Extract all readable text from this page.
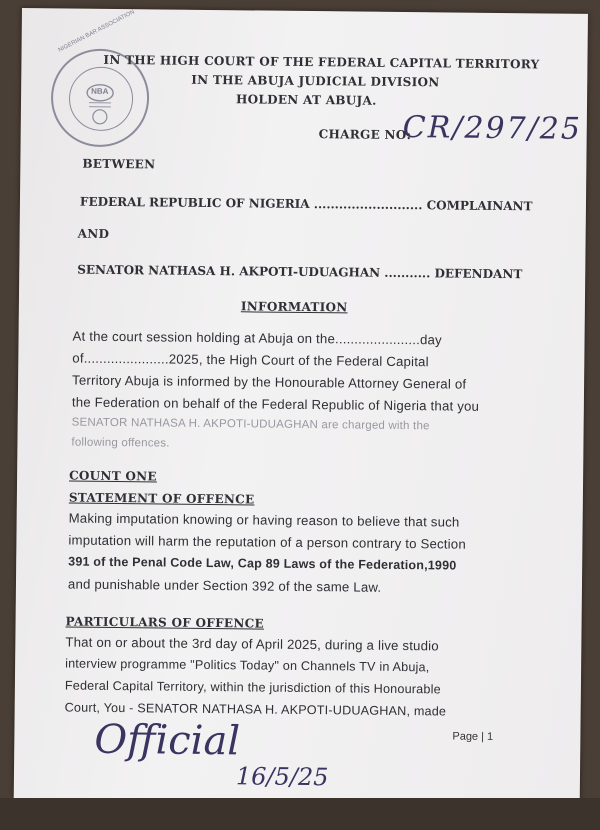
NBA
NIGERIAN BAR ASSOCIATION
IN THE HIGH COURT OF THE FEDERAL CAPITAL TERRITORY
IN THE ABUJA JUDICIAL DIVISION
HOLDEN AT ABUJA.
CHARGE NO:
CR/297/25
BETWEEN
FEDERAL REPUBLIC OF NIGERIA .......................... COMPLAINANT
AND
SENATOR NATHASA H. AKPOTI-UDUAGHAN ........... DEFENDANT
INFORMATION
At the court session holding at Abuja on the......................day
of......................2025, the High Court of the Federal Capital
Territory Abuja is informed by the Honourable Attorney General of
the Federation on behalf of the Federal Republic of Nigeria that you
SENATOR NATHASA H. AKPOTI-UDUAGHAN are charged with the
following offences.
COUNT ONE
STATEMENT OF OFFENCE
Making imputation knowing or having reason to believe that such
imputation will harm the reputation of a person contrary to Section
391 of the Penal Code Law, Cap 89 Laws of the Federation,1990
and punishable under Section 392 of the same Law.
PARTICULARS OF OFFENCE
That on or about the 3rd day of April 2025, during a live studio
interview programme "Politics Today" on Channels TV in Abuja,
Federal Capital Territory, within the jurisdiction of this Honourable
Court, You - SENATOR NATHASA H. AKPOTI-UDUAGHAN, made
Page | 1
Official
16/5/25
